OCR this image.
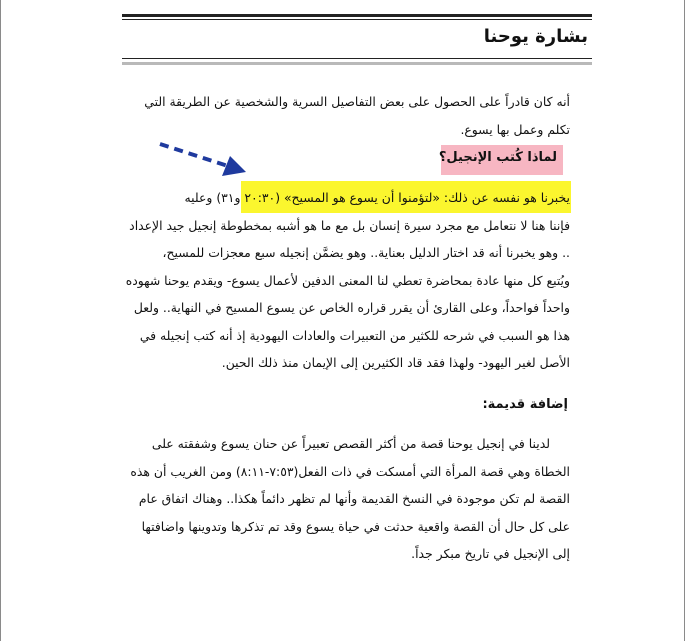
بشارة يوحنا
أنه كان قادراً على الحصول على بعض التفاصيل السرية والشخصية عن الطريقة التي
تكلم وعمل بها يسوع.
لماذا كُتب الإنجيل؟
يخبرنا هو نفسه عن ذلك: «لتؤمنوا أن يسوع هو المسيح» (٢٠:٣٠ و٣١) وعليه
فإننا هنا لا نتعامل مع مجرد سيرة إنسان بل مع ما هو أشبه بمخطوطة إنجيل جيد الإعداد
.. وهو يخبرنا أنه قد اختار الدليل بعناية.. وهو يضمَّن إنجيله سبع معجزات للمسيح،
ويُتبع كل منها عادة بمحاضرة تعطي لنا المعنى الدفين لأعمال يسوع- ويقدم يوحنا شهوده
واحداً فواحداً، وعلى القارئ أن يقرر قراره الخاص عن يسوع المسيح في النهاية.. ولعل
هذا هو السبب في شرحه للكثير من التعبيرات والعادات اليهودية إذ أنه كتب إنجيله في
الأصل لغير اليهود- ولهذا فقد قاد الكثيرين إلى الإيمان منذ ذلك الحين.
إضافة قديمة:
لدينا في إنجيل يوحنا قصة من أكثر القصص تعبيراً عن حنان يسوع وشفقته على
الخطاة وهي قصة المرأة التي أمسكت في ذات الفعل(٧:٥٣-٨:١١) ومن الغريب أن هذه
القصة لم تكن موجودة في النسخ القديمة وأنها لم تظهر دائماً هكذا.. وهناك اتفاق عام
على كل حال أن القصة واقعية حدثت في حياة يسوع وقد تم تذكرها وتدوينها واضافتها
إلى الإنجيل في تاريخ مبكر جداً.
